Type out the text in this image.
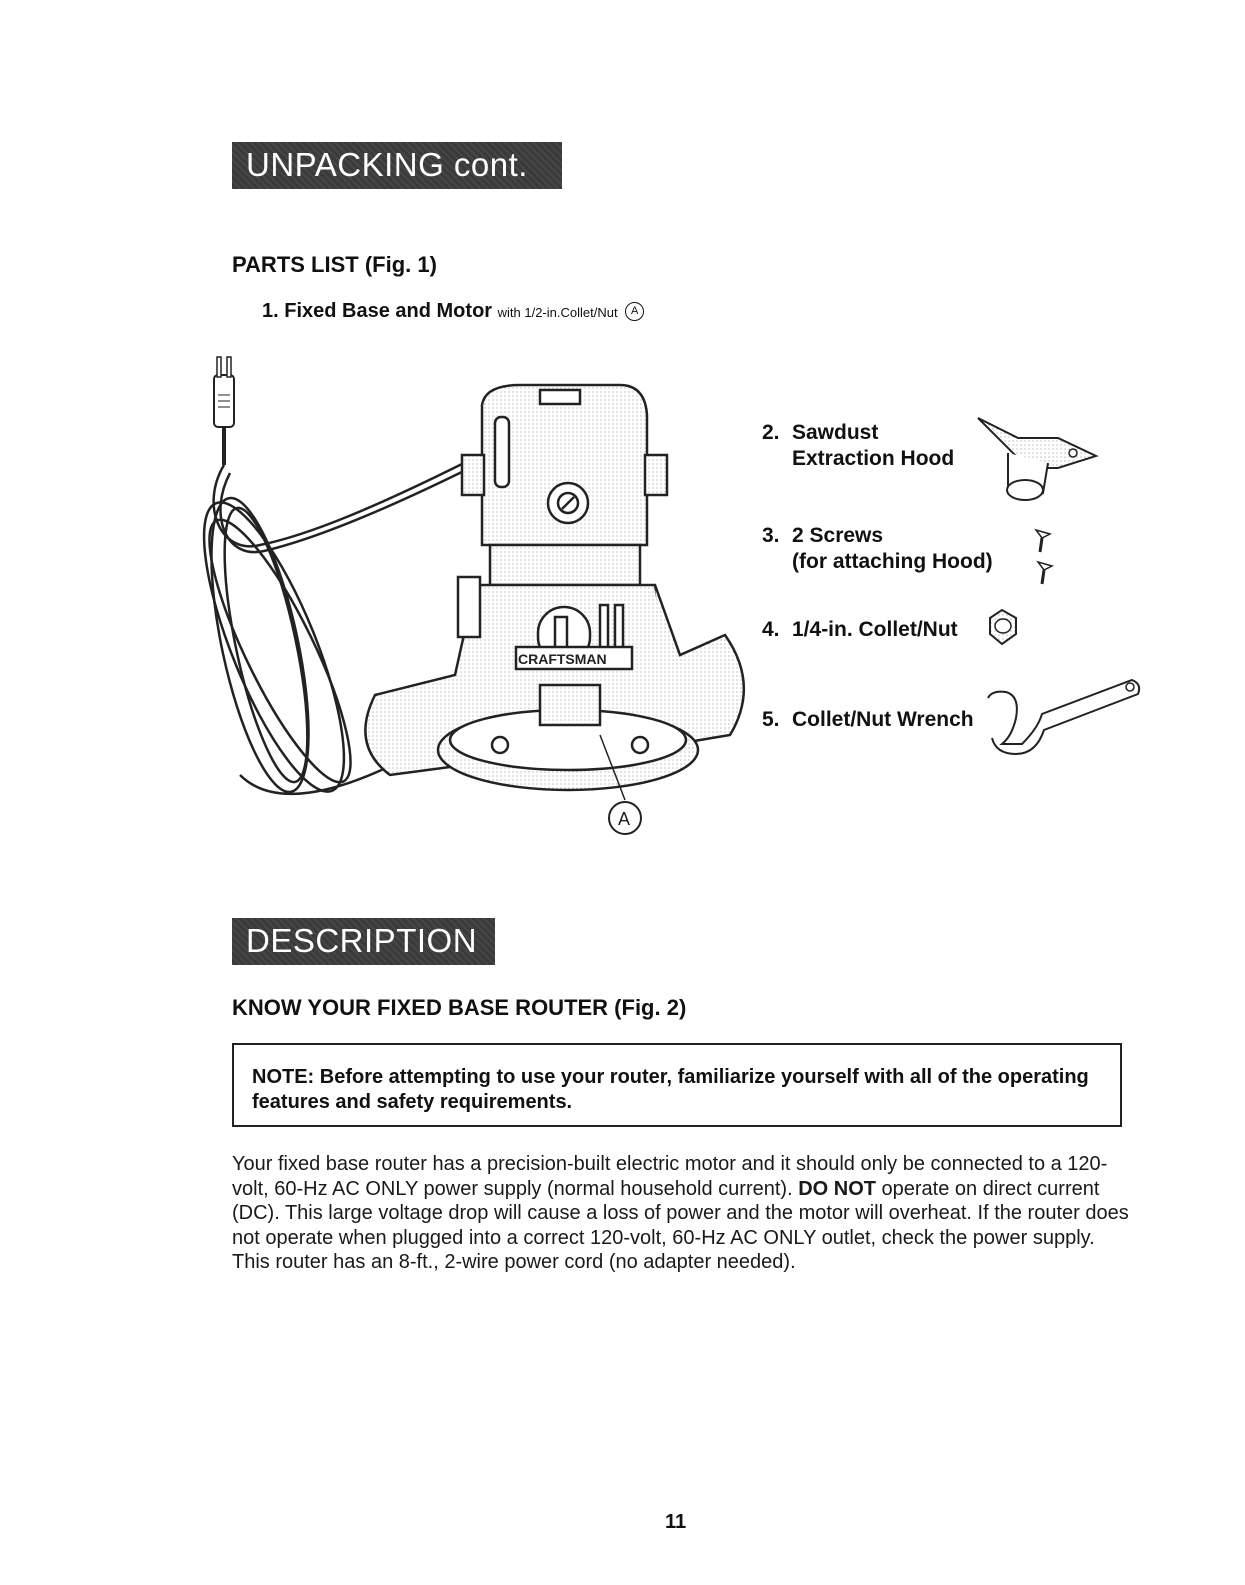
UNPACKING cont.
PARTS LIST (Fig. 1)
1. Fixed Base and Motor with 1/2-in.Collet/Nut A
CRAFTSMAN
A
2. Sawdust
Extraction Hood
3. 2 Screws
(for attaching Hood)
4. 1/4-in. Collet/Nut
5. Collet/Nut Wrench
DESCRIPTION
KNOW YOUR FIXED BASE ROUTER (Fig. 2)
NOTE: Before attempting to use your router, familiarize yourself with all of the operating features and safety requirements.
Your fixed base router has a precision-built electric motor and it should only be connected to a 120-volt, 60-Hz AC ONLY power supply (normal household current). DO NOT operate on direct current (DC). This large voltage drop will cause a loss of power and the motor will overheat. If the router does not operate when plugged into a correct 120-volt, 60-Hz AC ONLY outlet, check the power supply. This router has an 8-ft., 2-wire power cord (no adapter needed).
11
